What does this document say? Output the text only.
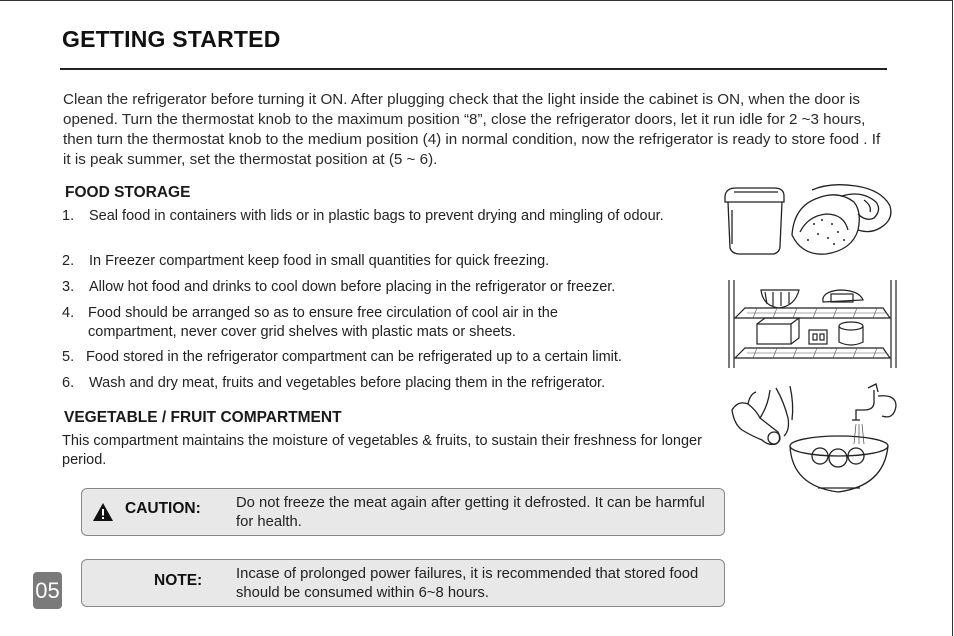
GETTING STARTED
Clean the refrigerator before turning it ON. After plugging check that the light inside the cabinet is ON, when the door is opened. Turn the thermostat knob to the maximum position “8”, close the refrigerator doors, let it run idle for 2 ~3 hours, then turn the thermostat knob to the medium position (4) in normal condition, now the refrigerator is ready to store food . If it is peak summer, set the thermostat position at (5 ~ 6).
FOOD STORAGE
1.	Seal food in containers with lids or in plastic bags to prevent drying and mingling of odour.
2.	In Freezer compartment keep food in small quantities for quick freezing.
3.	Allow hot food and drinks to cool down before placing in the refrigerator or freezer.
4. Food should be arranged so as to ensure free circulation of cool air in the compartment, never cover grid shelves with plastic mats or sheets.
5. Food stored in the refrigerator compartment can be refrigerated up to a certain limit.
6.	Wash and dry meat, fruits and vegetables before placing them in the refrigerator.
VEGETABLE / FRUIT COMPARTMENT
This compartment maintains the moisture of vegetables & fruits, to sustain their freshness for longer period.
CAUTION: Do not freeze the meat again after getting it defrosted. It can be harmful for health.
NOTE: Incase of prolonged power failures, it is recommended that stored food should be consumed within 6~8 hours.
05
